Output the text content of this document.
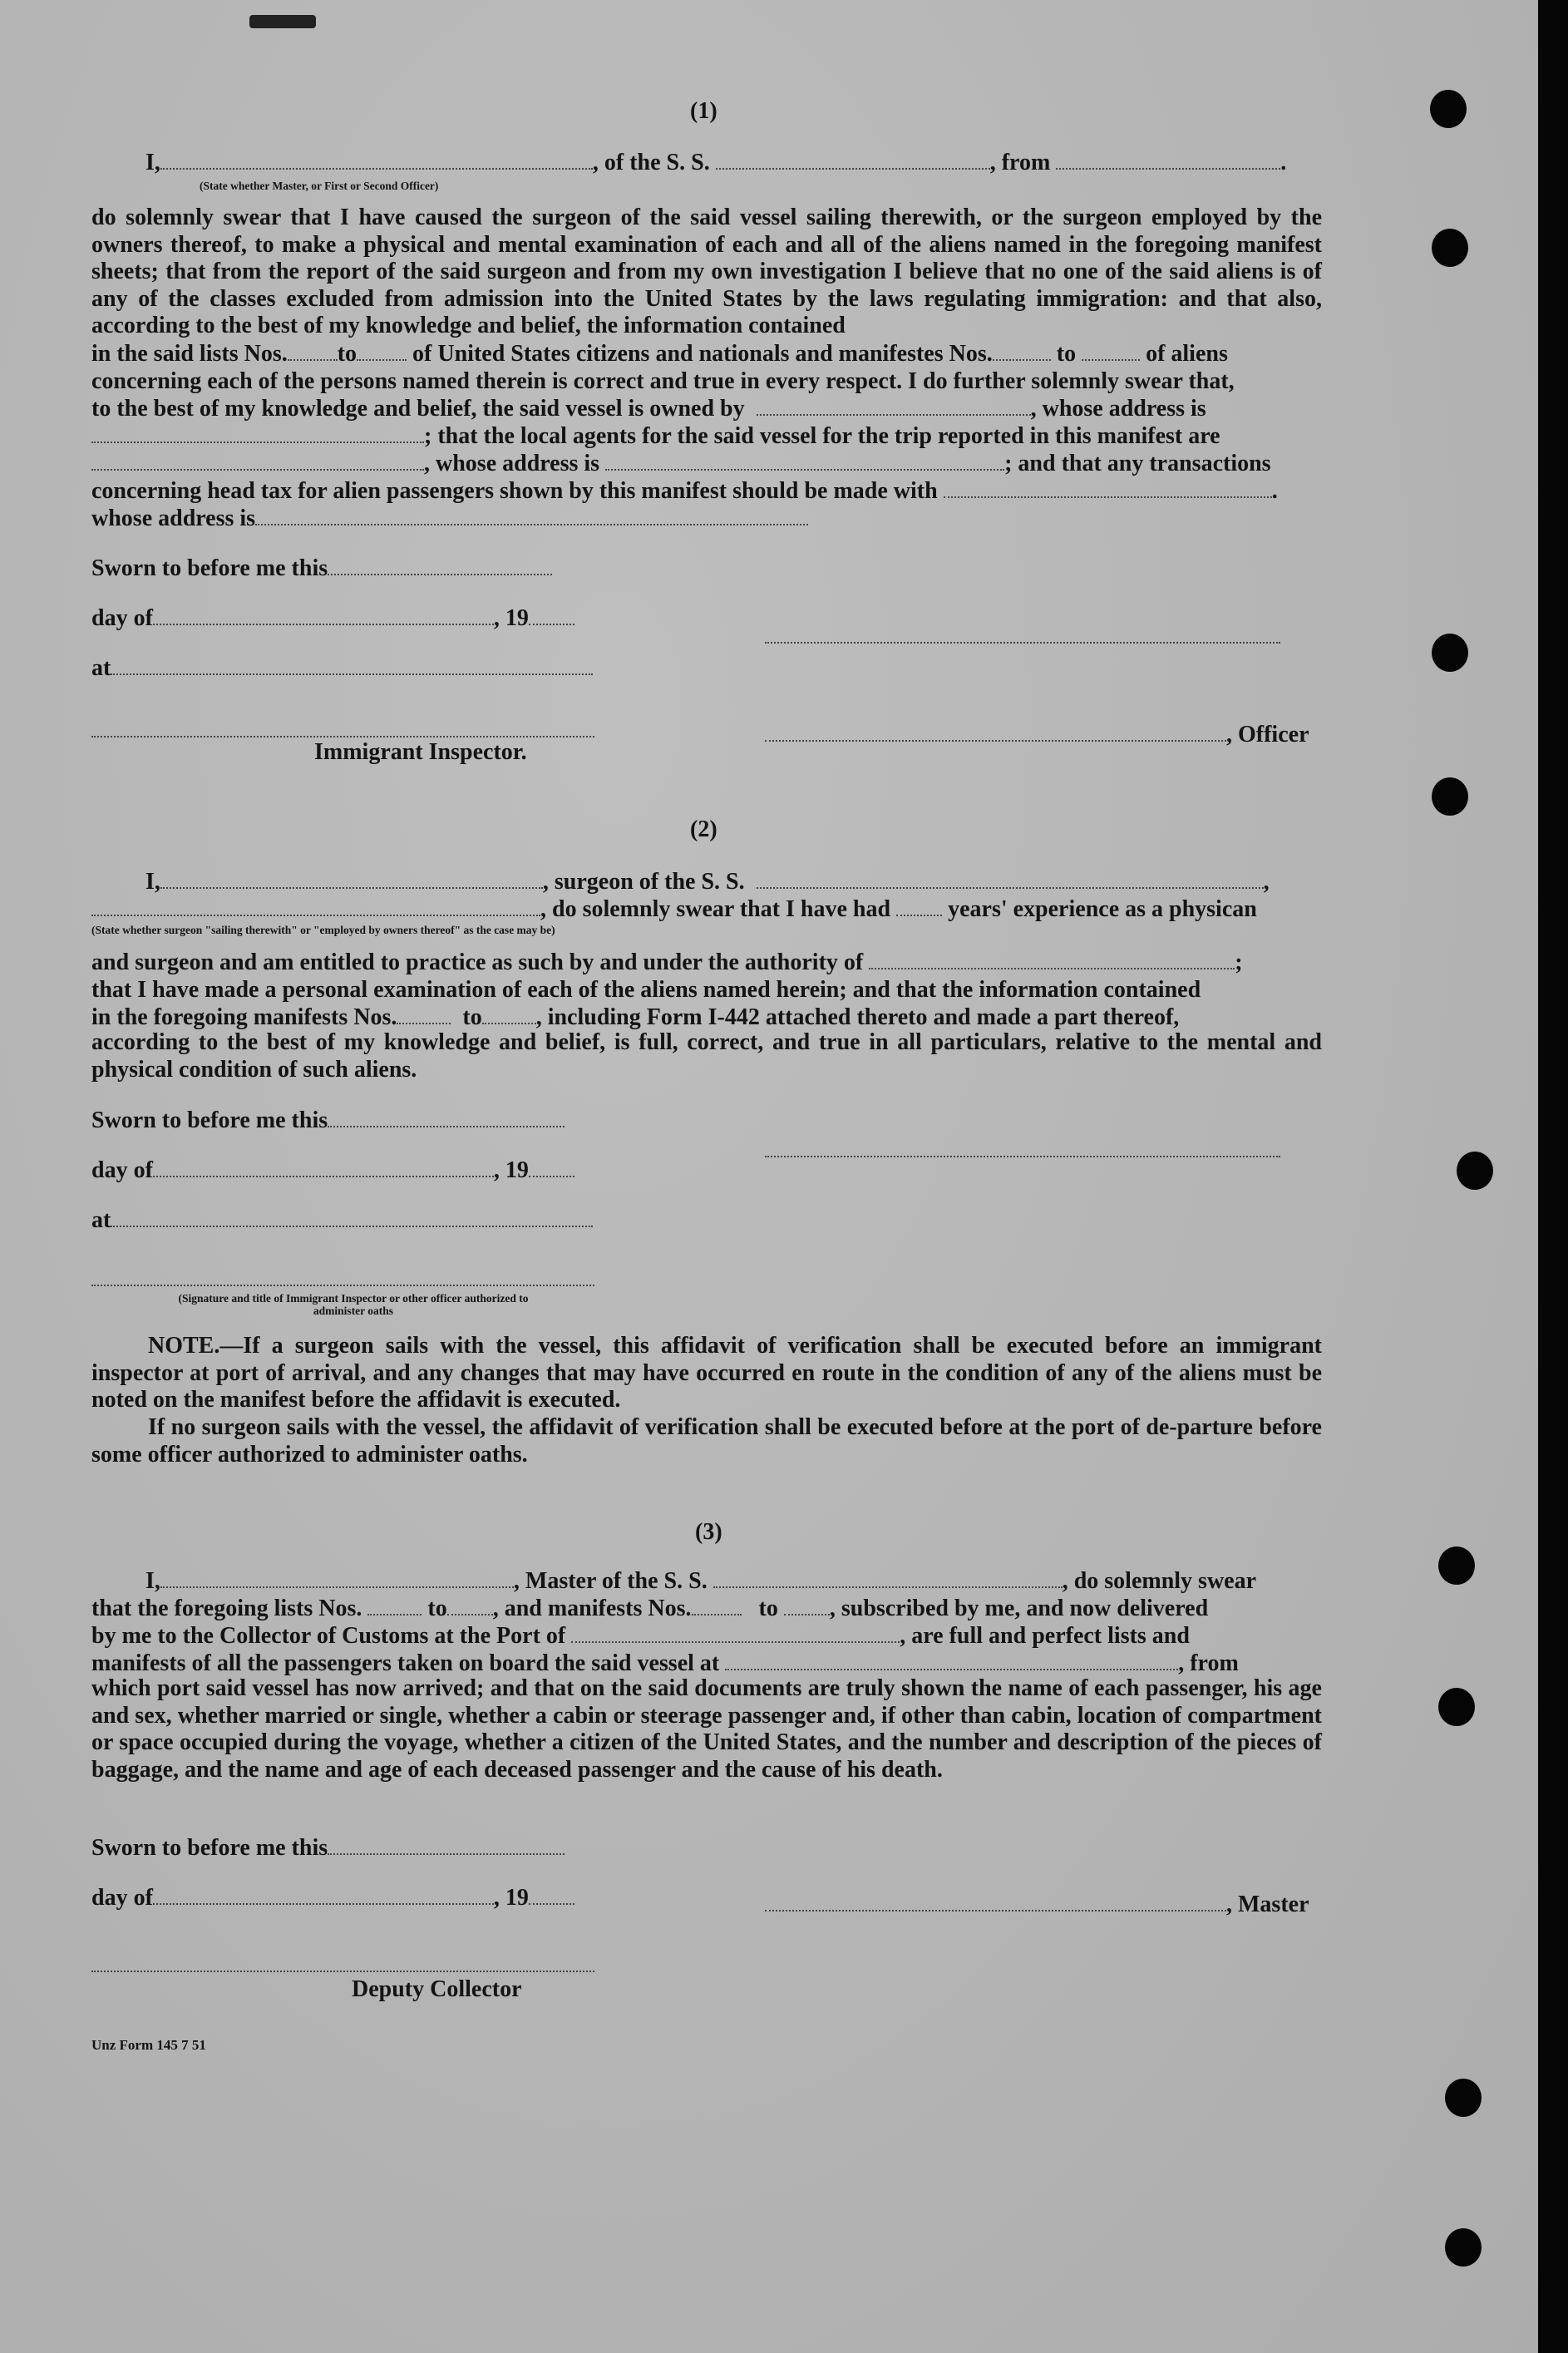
(1)
I,	, of the S. S.	, from	.
(State whether Master, or First or Second Officer)

do solemnly swear that I have caused the surgeon of the said vessel sailing therewith, or the surgeon employed by the owners thereof, to make a physical and mental examination of each and all of the aliens named in the foregoing manifest sheets; that from the report of the said surgeon and from my own investigation I believe that no one of the said aliens is of any of the classes excluded from admission into the United States by the laws regulating immigration: and that also, according to the best of my knowledge and belief, the information contained

in the said lists Nos. to of United States citizens and nationals and manifestes Nos.	to	of aliens
concerning each of the persons named therein is correct and true in every respect. I do further solemnly swear that,
to the best of my knowledge and belief, the said vessel is owned by	, whose address is
; that the local agents for the said vessel for the trip reported in this manifest are
, whose address is	; and that any transactions
concerning head tax for alien passengers shown by this manifest should be made with	.
whose address is
Sworn to before me this
day of	, 19
at
, Officer
Immigrant Inspector.
(2)
I,	, surgeon of the S. S.	,
, do solemnly swear that I have had years' experience as a physican
(State whether surgeon "sailing therewith" or "employed by owners thereof" as the case may be)
and surgeon and am entitled to practice as such by and under the authority of	;
that I have made a personal examination of each of the aliens named herein; and that the information contained
in the foregoing manifests Nos.	to , including Form I-442 attached thereto and made a part thereof,

according to the best of my knowledge and belief, is full, correct, and true in all particulars, relative to the mental and physical condition of such aliens.

Sworn to before me this
day of	, 19
at
(Signature and title of Immigrant Inspector or other officer authorized to administer oaths

NOTE.—If a surgeon sails with the vessel, this affidavit of verification shall be executed before an immigrant inspector at port of arrival, and any changes that may have occurred en route in the condition of any of the aliens must be noted on the manifest before the affidavit is executed.

If no surgeon sails with the vessel, the affidavit of verification shall be executed before at the port of de-parture before some officer authorized to administer oaths.

(3)
I,	, Master of the S. S.	, do solemnly swear
that the foregoing lists Nos.	to , and manifests Nos.	to , subscribed by me, and now delivered
by me to the Collector of Customs at the Port of	, are full and perfect lists and
manifests of all the passengers taken on board the said vessel at	, from

which port said vessel has now arrived; and that on the said documents are truly shown the name of each passenger, his age and sex, whether married or single, whether a cabin or steerage passenger and, if other than cabin, location of compartment or space occupied during the voyage, whether a citizen of the United States, and the number and description of the pieces of baggage, and the name and age of each deceased passenger and the cause of his death.

Sworn to before me this
day of	, 19	, Master
Deputy Collector
Unz Form 145 7 51
